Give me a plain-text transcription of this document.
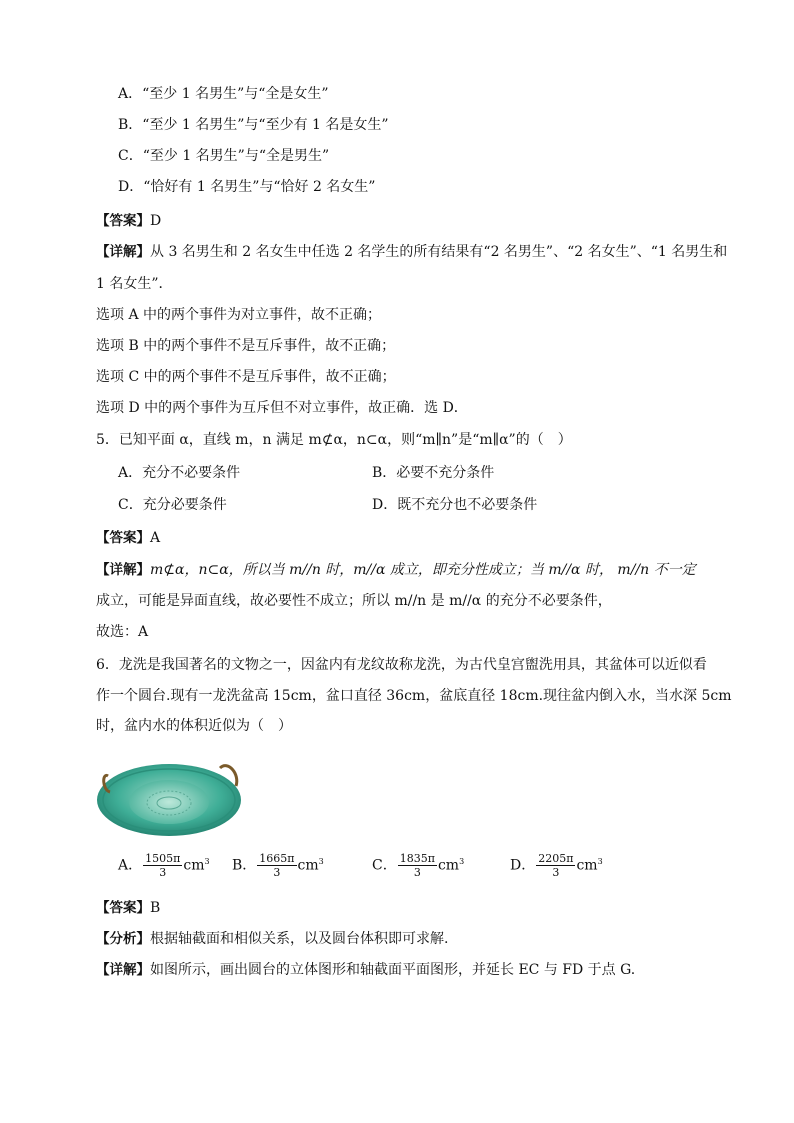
A．“至少 1 名男生”与“全是女生”
B．“至少 1 名男生”与“至少有 1 名是女生”
C．“至少 1 名男生”与“全是男生”
D．“恰好有 1 名男生”与“恰好 2 名女生”
【答案】D
【详解】从 3 名男生和 2 名女生中任选 2 名学生的所有结果有“2 名男生”、“2 名女生”、“1 名男生和
1 名女生”．
选项 A 中的两个事件为对立事件，故不正确；
选项 B 中的两个事件不是互斥事件，故不正确；
选项 C 中的两个事件不是互斥事件，故不正确；
选项 D 中的两个事件为互斥但不对立事件，故正确．选 D．
5．已知平面 α，直线 m，n 满足 m⊄α，n⊂α，则“m∥n”是“m∥α”的（　）
A．充分不必要条件	B．必要不充分条件
C．充分必要条件	D．既不充分也不必要条件
【答案】A
【详解】m⊄α，n⊂α，所以当 m//n 时，m//α 成立，即充分性成立；当 m//α 时， m//n 不一定
成立，可能是异面直线，故必要性不成立；所以 m//n 是 m//α 的充分不必要条件，
故选：A
6．龙洗是我国著名的文物之一，因盆内有龙纹故称龙洗，为古代皇宫盥洗用具，其盆体可以近似看
作一个圆台.现有一龙洗盆高 15cm，盆口直径 36cm，盆底直径 18cm.现往盆内倒入水，当水深 5cm
时，盆内水的体积近似为（　）
A． $\frac{1505\pi}{3} cm^3$ B． $\frac{1665\pi}{3} cm^3$	C． $\frac{1835\pi}{3} cm^3$	D． $\frac{2205\pi}{3} cm^3$
【答案】B
【分析】根据轴截面和相似关系，以及圆台体积即可求解.
【详解】如图所示，画出圆台的立体图形和轴截面平面图形，并延长 EC 与 FD 于点 G.
